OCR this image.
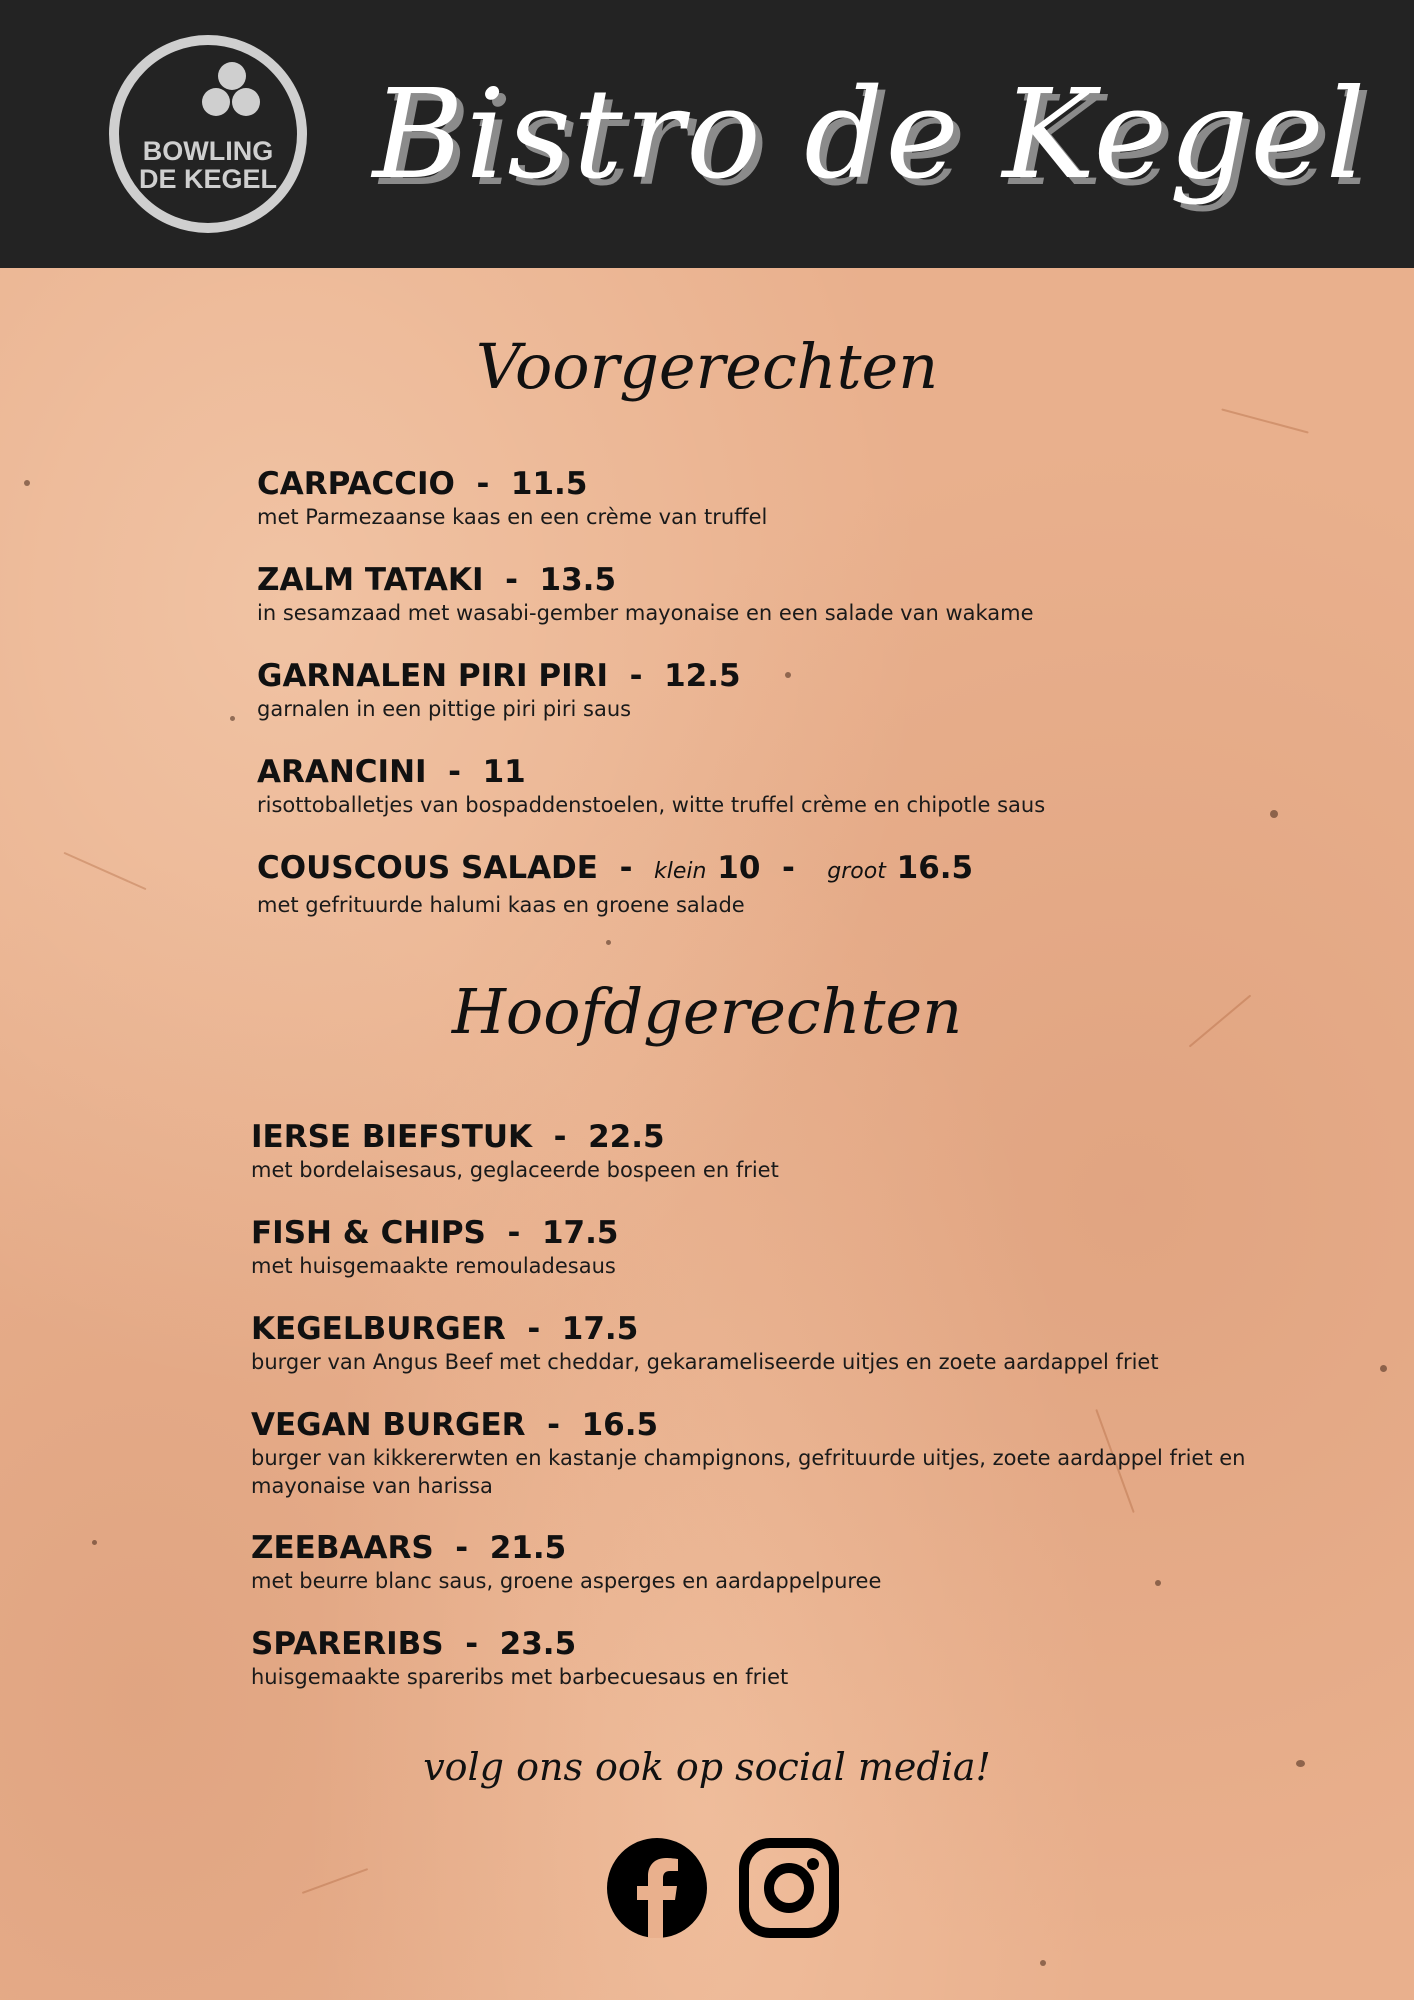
BOWLING
DE KEGEL Bistro de Kegel
Voorgerechten
CARPACCIO  -  11.5
met Parmezaanse kaas en een crème van truffel
ZALM TATAKI  -  13.5
in sesamzaad met wasabi-gember mayonaise en een salade van wakame
GARNALEN PIRI PIRI  -  12.5
garnalen in een pittige piri piri saus
ARANCINI  -  11
risottoballetjes van bospaddenstoelen, witte truffel crème en chipotle saus
COUSCOUS SALADE  -  klein 10  -   groot 16.5
met gefrituurde halumi kaas en groene salade
Hoofdgerechten
IERSE BIEFSTUK  -  22.5
met bordelaisesaus, geglaceerde bospeen en friet
FISH & CHIPS  -  17.5
met huisgemaakte remouladesaus
KEGELBURGER  -  17.5
burger van Angus Beef met cheddar, gekarameliseerde uitjes en zoete aardappel friet
VEGAN BURGER  -  16.5
burger van kikkererwten en kastanje champignons, gefrituurde uitjes, zoete aardappel friet en mayonaise van harissa
ZEEBAARS  -  21.5
met beurre blanc saus, groene asperges en aardappelpuree
SPARERIBS  -  23.5
huisgemaakte spareribs met barbecuesaus en friet
volg ons ook op social media!
